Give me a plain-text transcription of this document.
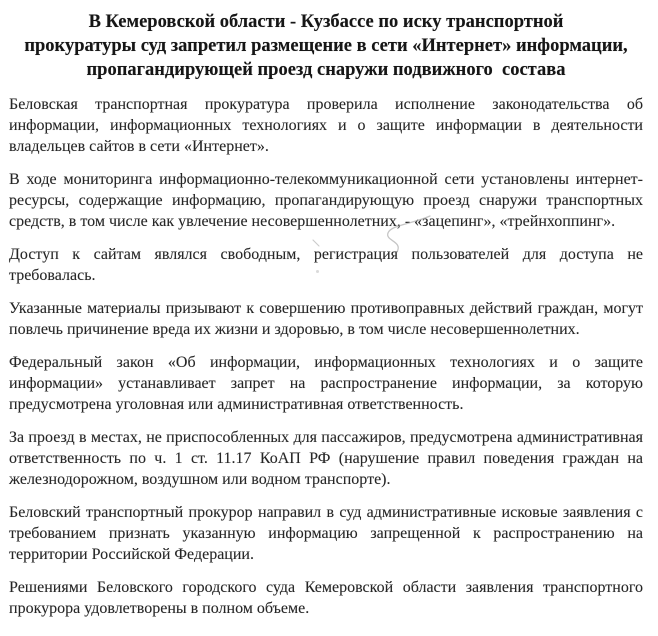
В Кемеровской области - Кузбассе по иску транспортной
прокуратуры суд запретил размещение в сети «Интернет» информации,
пропагандирующей проезд снаружи подвижного  состава

Беловская транспортная прокуратура проверила исполнение законодательства об информации, информационных технологиях и о защите информации в деятельности владельцев сайтов в сети «Интернет».

В ходе мониторинга информационно-телекоммуникационной сети установлены интернет-ресурсы, содержащие информацию, пропагандирующую проезд снаружи транспортных средств, в том числе как увлечение несовершеннолетних, - «зацепинг», «трейнхоппинг».

Доступ к сайтам являлся свободным, регистрация пользователей для доступа не требовалась.

Указанные материалы призывают к совершению противоправных действий граждан, могут повлечь причинение вреда их жизни и здоровью, в том числе несовершеннолетних.

Федеральный закон «Об информации, информационных технологиях и о защите информации» устанавливает запрет на распространение информации, за которую предусмотрена уголовная или административная ответственность.

За проезд в местах, не приспособленных для пассажиров, предусмотрена административная ответственность по ч. 1 ст. 11.17 КоАП РФ (нарушение правил поведения граждан на железнодорожном, воздушном или водном транспорте).

Беловский транспортный прокурор направил в суд административные исковые заявления с требованием признать указанную информацию запрещенной к распространению на территории Российской Федерации.

Решениями Беловского городского суда Кемеровской области заявления транспортного прокурора удовлетворены в полном объеме.
